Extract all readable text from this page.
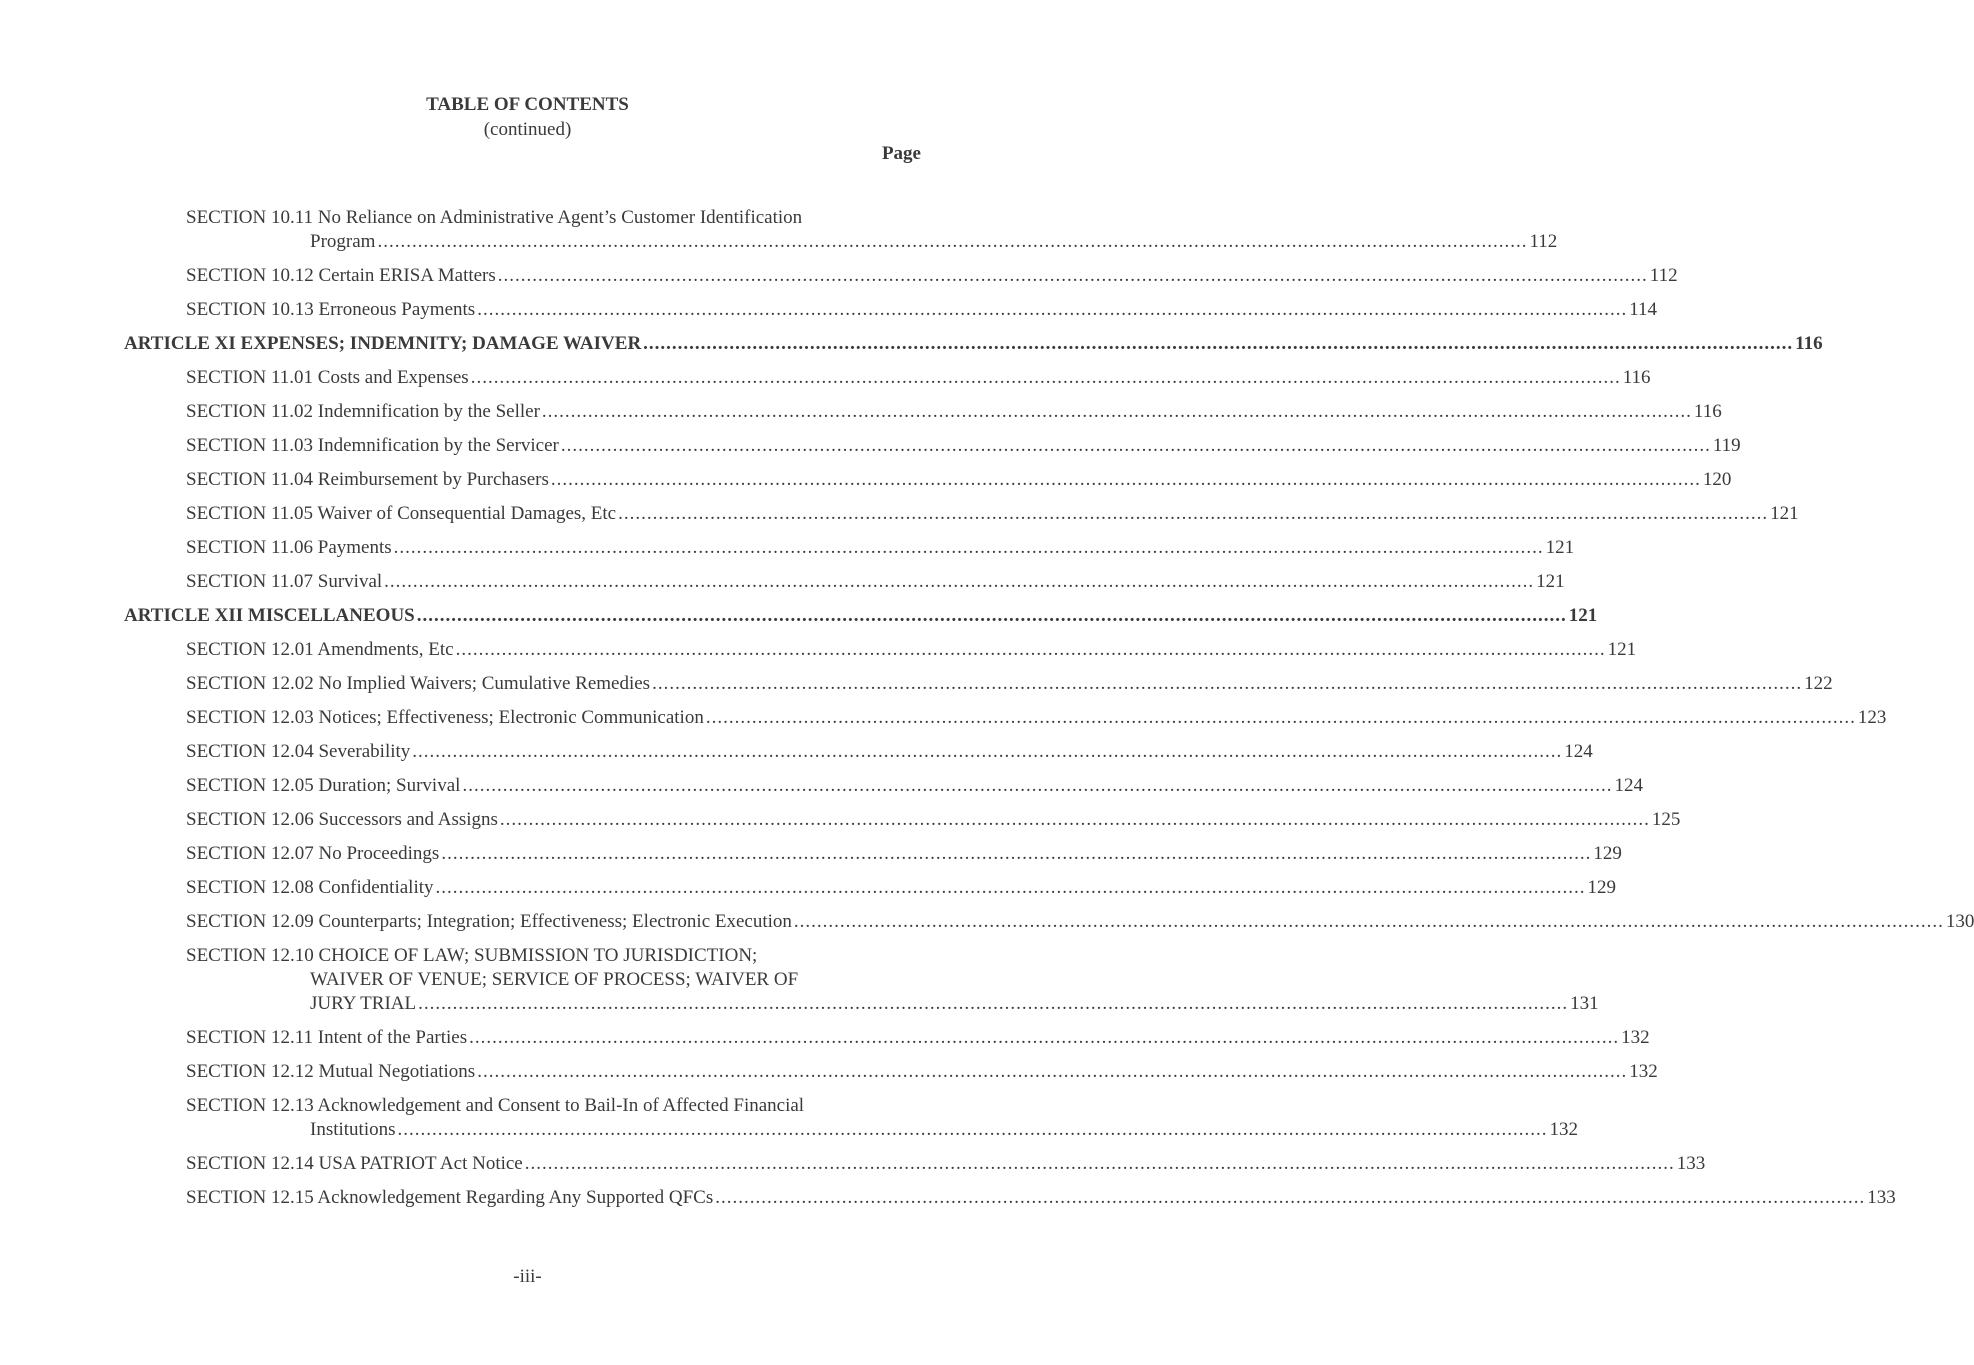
TABLE OF CONTENTS
(continued)
Page
SECTION 10.11 No Reliance on Administrative Agent’s Customer Identification
Program .....	112
SECTION 10.12 Certain ERISA Matters .....	112
SECTION 10.13 Erroneous Payments .....	114
ARTICLE XI EXPENSES; INDEMNITY; DAMAGE WAIVER .....	116
SECTION 11.01 Costs and Expenses .....	116
SECTION 11.02 Indemnification by the Seller .....	116
SECTION 11.03 Indemnification by the Servicer .....	119
SECTION 11.04 Reimbursement by Purchasers .....	120
SECTION 11.05 Waiver of Consequential Damages, Etc .....	121
SECTION 11.06 Payments .....	121
SECTION 11.07 Survival .....	121
ARTICLE XII MISCELLANEOUS .....	121
SECTION 12.01 Amendments, Etc .....	121
SECTION 12.02 No Implied Waivers; Cumulative Remedies .....	122
SECTION 12.03 Notices; Effectiveness; Electronic Communication .....	123
SECTION 12.04 Severability .....	124
SECTION 12.05 Duration; Survival .....	124
SECTION 12.06 Successors and Assigns .....	125
SECTION 12.07 No Proceedings .....	129
SECTION 12.08 Confidentiality .....	129
SECTION 12.09 Counterparts; Integration; Effectiveness; Electronic Execution .....	130
SECTION 12.10 CHOICE OF LAW; SUBMISSION TO JURISDICTION;
WAIVER OF VENUE; SERVICE OF PROCESS; WAIVER OF
JURY TRIAL .....	131
SECTION 12.11 Intent of the Parties .....	132
SECTION 12.12 Mutual Negotiations .....	132
SECTION 12.13 Acknowledgement and Consent to Bail-In of Affected Financial
Institutions .....	132
SECTION 12.14 USA PATRIOT Act Notice .....	133
SECTION 12.15 Acknowledgement Regarding Any Supported QFCs .....	133
-iii-
